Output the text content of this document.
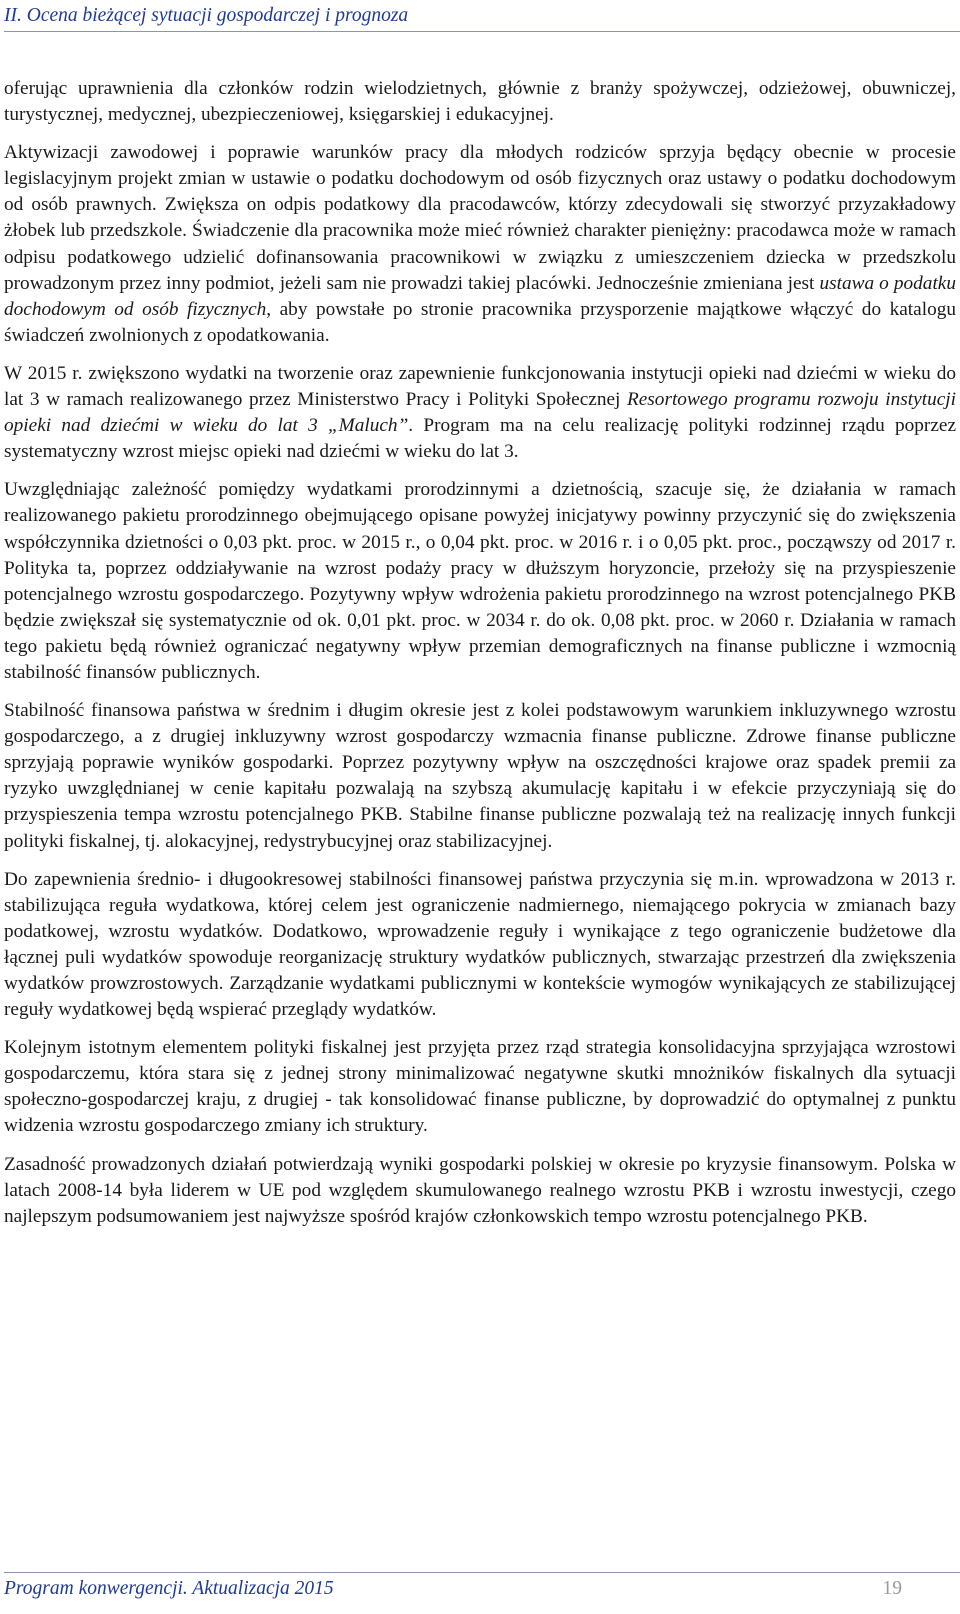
II. Ocena bieżącej sytuacji gospodarczej i prognoza

oferując uprawnienia dla członków rodzin wielodzietnych, głównie z branży spożywczej, odzieżowej, obuwniczej, turystycznej, medycznej, ubezpieczeniowej, księgarskiej i edukacyjnej.

Aktywizacji zawodowej i poprawie warunków pracy dla młodych rodziców sprzyja będący obecnie w procesie legislacyjnym projekt zmian w ustawie o podatku dochodowym od osób fizycznych oraz ustawy o podatku dochodowym od osób prawnych. Zwiększa on odpis podatkowy dla pracodawców, którzy zdecydowali się stworzyć przyzakładowy żłobek lub przedszkole. Świadczenie dla pracownika może mieć również charakter pieniężny: pracodawca może w ramach odpisu podatkowego udzielić dofinansowania pracownikowi w związku z umieszczeniem dziecka w przedszkolu prowadzonym przez inny podmiot, jeżeli sam nie prowadzi takiej placówki. Jednocześnie zmieniana jest ustawa o podatku dochodowym od osób fizycznych, aby powstałe po stronie pracownika przysporzenie majątkowe włączyć do katalogu świadczeń zwolnionych z opodatkowania.

W 2015 r. zwiększono wydatki na tworzenie oraz zapewnienie funkcjonowania instytucji opieki nad dziećmi w wieku do lat 3 w ramach realizowanego przez Ministerstwo Pracy i Polityki Społecznej Resortowego programu rozwoju instytucji opieki nad dziećmi w wieku do lat 3 „Maluch”. Program ma na celu realizację polityki rodzinnej rządu poprzez systematyczny wzrost miejsc opieki nad dziećmi w wieku do lat 3.

Uwzględniając zależność pomiędzy wydatkami prorodzinnymi a dzietnością, szacuje się, że działania w ramach realizowanego pakietu prorodzinnego obejmującego opisane powyżej inicjatywy powinny przyczynić się do zwiększenia współczynnika dzietności o 0,03 pkt. proc. w 2015 r., o 0,04 pkt. proc. w 2016 r. i o 0,05 pkt. proc., począwszy od 2017 r. Polityka ta, poprzez oddziaływanie na wzrost podaży pracy w dłuższym horyzoncie, przełoży się na przyspieszenie potencjalnego wzrostu gospodarczego. Pozytywny wpływ wdrożenia pakietu prorodzinnego na wzrost potencjalnego PKB będzie zwiększał się systematycznie od ok. 0,01 pkt. proc. w 2034 r. do ok. 0,08 pkt. proc. w 2060 r. Działania w ramach tego pakietu będą również ograniczać negatywny wpływ przemian demograficznych na finanse publiczne i wzmocnią stabilność finansów publicznych.

Stabilność finansowa państwa w średnim i długim okresie jest z kolei podstawowym warunkiem inkluzywnego wzrostu gospodarczego, a z drugiej inkluzywny wzrost gospodarczy wzmacnia finanse publiczne. Zdrowe finanse publiczne sprzyjają poprawie wyników gospodarki. Poprzez pozytywny wpływ na oszczędności krajowe oraz spadek premii za ryzyko uwzględnianej w cenie kapitału pozwalają na szybszą akumulację kapitału i w efekcie przyczyniają się do przyspieszenia tempa wzrostu potencjalnego PKB. Stabilne finanse publiczne pozwalają też na realizację innych funkcji polityki fiskalnej, tj. alokacyjnej, redystrybucyjnej oraz stabilizacyjnej.

Do zapewnienia średnio- i długookresowej stabilności finansowej państwa przyczynia się m.in. wprowadzona w 2013 r. stabilizująca reguła wydatkowa, której celem jest ograniczenie nadmiernego, niemającego pokrycia w zmianach bazy podatkowej, wzrostu wydatków. Dodatkowo, wprowadzenie reguły i wynikające z tego ograniczenie budżetowe dla łącznej puli wydatków spowoduje reorganizację struktury wydatków publicznych, stwarzając przestrzeń dla zwiększenia wydatków prowzrostowych. Zarządzanie wydatkami publicznymi w kontekście wymogów wynikających ze stabilizującej reguły wydatkowej będą wspierać przeglądy wydatków.

Kolejnym istotnym elementem polityki fiskalnej jest przyjęta przez rząd strategia konsolidacyjna sprzyjająca wzrostowi gospodarczemu, która stara się z jednej strony minimalizować negatywne skutki mnożników fiskalnych dla sytuacji społeczno-gospodarczej kraju, z drugiej - tak konsolidować finanse publiczne, by doprowadzić do optymalnej z punktu widzenia wzrostu gospodarczego zmiany ich struktury.

Zasadność prowadzonych działań potwierdzają wyniki gospodarki polskiej w okresie po kryzysie finansowym. Polska w latach 2008-14 była liderem w UE pod względem skumulowanego realnego wzrostu PKB i wzrostu inwestycji, czego najlepszym podsumowaniem jest najwyższe spośród krajów członkowskich tempo wzrostu potencjalnego PKB.

Program konwergencji. Aktualizacja 2015	19
